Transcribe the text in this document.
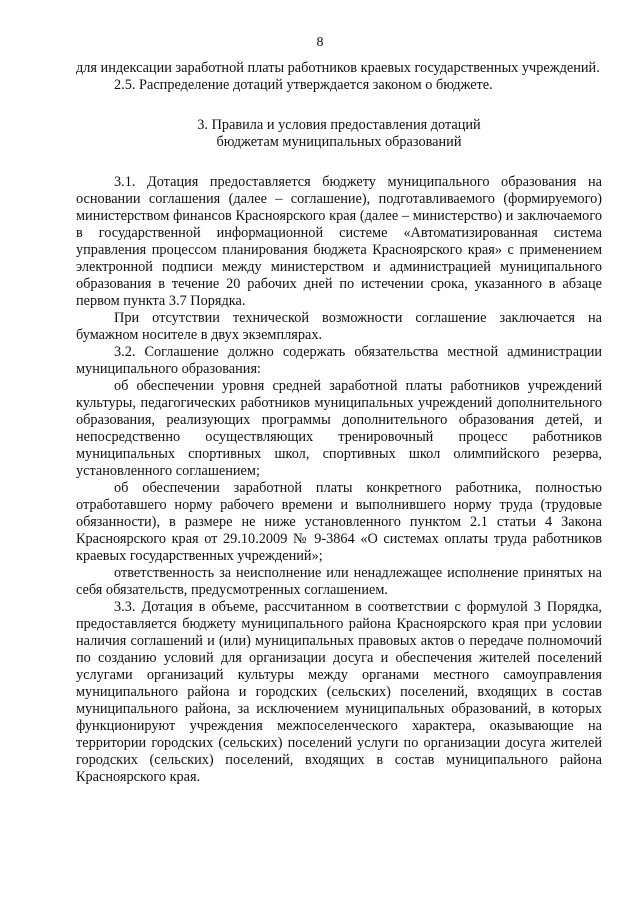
8

для индексации заработной платы работников краевых государственных учреждений.

2.5. Распределение дотаций утверждается законом о бюджете.

3. Правила и условия предоставления дотаций

бюджетам муниципальных образований

3.1. Дотация предоставляется бюджету муниципального образования на основании соглашения (далее – соглашение), подготавливаемого (формируемого) министерством финансов Красноярского края (далее – министерство) и заключаемого в государственной информационной системе «Автоматизированная система управления процессом планирования бюджета Красноярского края» с применением электронной подписи между министерством и администрацией муниципального образования в течение 20 рабочих дней по истечении срока, указанного в абзаце первом пункта 3.7 Порядка.

При отсутствии технической возможности соглашение заключается на бумажном носителе в двух экземплярах.

3.2. Соглашение должно содержать обязательства местной администрации муниципального образования:

об обеспечении уровня средней заработной платы работников учреждений культуры, педагогических работников муниципальных учреждений дополнительного образования, реализующих программы дополнительного образования детей, и непосредственно осуществляющих тренировочный процесс работников муниципальных спортивных школ, спортивных школ олимпийского резерва, установленного соглашением;

об обеспечении заработной платы конкретного работника, полностью отработавшего норму рабочего времени и выполнившего норму труда (трудовые обязанности), в размере не ниже установленного пунктом 2.1 статьи 4 Закона Красноярского края от 29.10.2009 № 9-3864 «О системах оплаты труда работников краевых государственных учреждений»;

ответственность за неисполнение или ненадлежащее исполнение принятых на себя обязательств, предусмотренных соглашением.

3.3. Дотация в объеме, рассчитанном в соответствии с формулой 3 Порядка, предоставляется бюджету муниципального района Красноярского края при условии наличия соглашений и (или) муниципальных правовых актов о передаче полномочий по созданию условий для организации досуга и обеспечения жителей поселений услугами организаций культуры между органами местного самоуправления муниципального района и городских (сельских) поселений, входящих в состав муниципального района, за исключением муниципальных образований, в которых функционируют учреждения межпоселенческого характера, оказывающие на территории городских (сельских) поселений услуги по организации досуга жителей городских (сельских) поселений, входящих в состав муниципального района Красноярского края.
